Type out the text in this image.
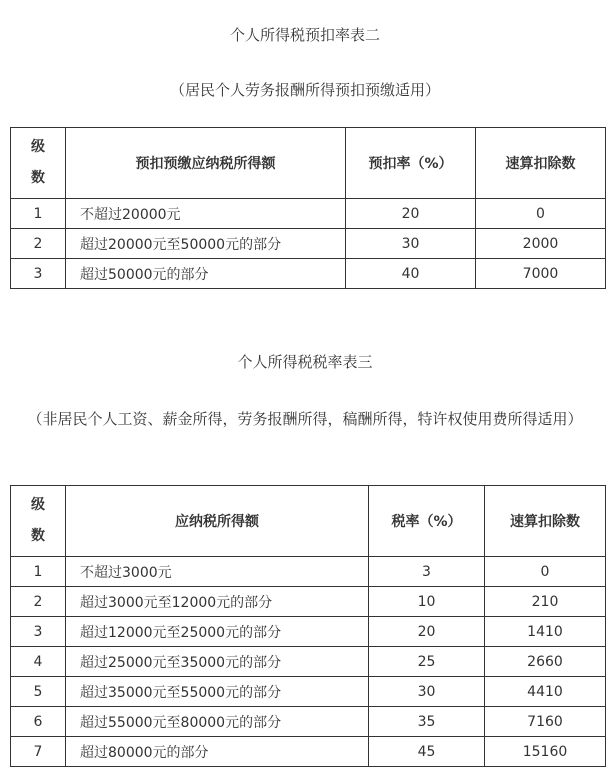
个人所得税预扣率表二
（居民个人劳务报酬所得预扣预缴适用）
级
数	预扣预缴应纳税所得额	预扣率（%）	速算扣除数
1	不超过20000元	20	0
2	超过20000元至50000元的部分	30	2000
3	超过50000元的部分	40	7000
个人所得税税率表三
（非居民个人工资、薪金所得，劳务报酬所得，稿酬所得，特许权使用费所得适用）
级
数	应纳税所得额	税率（%）	速算扣除数
1	不超过3000元	3	0
2	超过3000元至12000元的部分	10	210
3	超过12000元至25000元的部分	20	1410
4	超过25000元至35000元的部分	25	2660
5	超过35000元至55000元的部分	30	4410
6	超过55000元至80000元的部分	35	7160
7	超过80000元的部分	45	15160
